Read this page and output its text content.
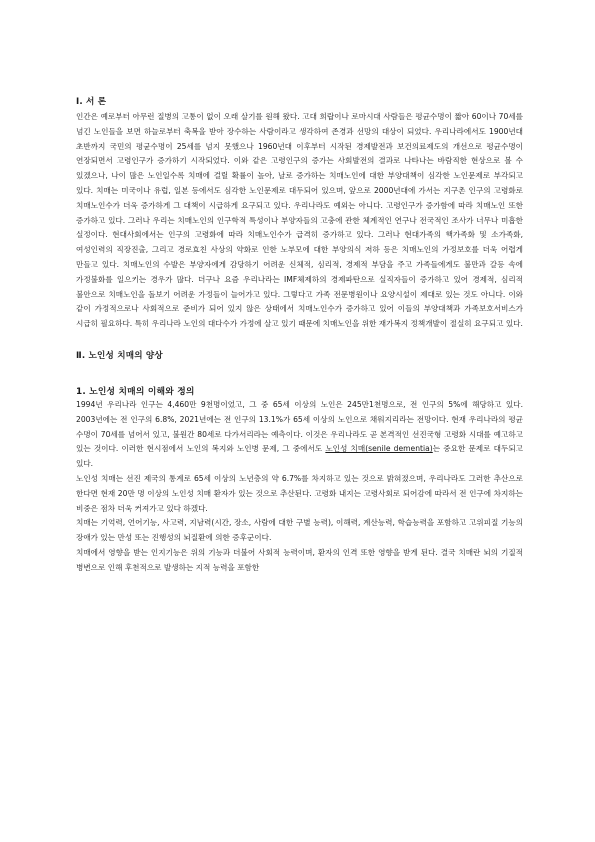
Ⅰ. 서 론

인간은 예로부터 아무런 질병의 고통이 없이 오래 살기를 원해 왔다. 고대 희랍이나 로마시대 사람들은 평균수명이 짧아 60이나 70세를 넘긴 노인들을 보면 하늘로부터 축복을 받아 장수하는 사람이라고 생각하여 존경과 선망의 대상이 되었다. 우리나라에서도 1900년대 초반까지 국민의 평균수명이 25세를 넘지 못했으나 1960년대 이후부터 시작된 경제발전과 보건의료제도의 개선으로 평균수명이 연장되면서 고령인구가 증가하기 시작되었다. 이와 같은 고령인구의 증가는 사회발전의 결과로 나타나는 바람직한 현상으로 볼 수 있겠으나, 나이 많은 노인일수록 치매에 걸릴 확률이 높아, 날로 증가하는 치매노인에 대한 부양대책이 심각한 노인문제로 부각되고 있다. 치매는 미국이나 유럽, 일본 등에서도 심각한 노인문제로 대두되어 있으며, 앞으로 2000년대에 가서는 지구촌 인구의 고령화로 치매노인수가 더욱 증가하게 그 대책이 시급하게 요구되고 있다. 우리나라도 예외는 아니다. 고령인구가 증가함에 따라 치매노인 또한 증가하고 있다. 그러나 우리는 치매노인의 인구학적 특성이나 부양자들의 고충에 관한 체계적인 연구나 전국적인 조사가 너무나 미흡한 실정이다. 현대사회에서는 인구의 고령화에 따라 치매노인수가 급격히 증가하고 있다. 그러나 현대가족의 핵가족화 및 소가족화, 여성인력의 직장진출, 그리고 경로효친 사상의 약화로 인한 노부모에 대한 부양의식 저하 등은 치매노인의 가정보호를 더욱 어렵게 만들고 있다. 치매노인의 수발은 부양자에게 감당하기 어려운 신체적, 심리적, 경제적 부담을 주고 가족들에게도 불만과 갈등 속에 가정불화를 일으키는 경우가 많다. 더구나 요즘 우리나라는 IMF체제하의 경제파탄으로 실직자들이 증가하고 있어 경제적, 심리적 불안으로 치매노인을 돌보기 어려운 가정들이 늘어가고 있다. 그렇다고 가족 전문병원이나 요양시설이 제대로 있는 것도 아니다. 이와 같이 가정적으로나 사회적으로 준비가 되어 있지 않은 상태에서 치매노인수가 증가하고 있어 이들의 부양대책과 가족보호서비스가 시급히 필요하다. 특히 우리나라 노인의 대다수가 가정에 살고 있기 때문에 치매노인을 위한 재가복지 정책개발이 절실히 요구되고 있다.

Ⅱ. 노인성 치매의 양상
1. 노인성 치매의 이해와 정의

1994년 우리나라 인구는 4,460만 9천명이었고, 그 중 65세 이상의 노인은 245만1천명으로, 전 인구의 5%에 해당하고 있다. 2003년에는 전 인구의 6.8%, 2021년에는 전 인구의 13.1%가 65세 이상의 노인으로 채워지리라는 전망이다. 현재 우리나라의 평균 수명이 70세를 넘어서 있고, 불원간 80세로 다가서리라는 예측이다. 이것은 우리나라도 곧 본격적인 선진국형 고령화 시대를 예고하고 있는 것이다. 이러한 현시점에서 노인의 복지와 노인병 문제, 그 중에서도 노인성 치매(senile dementia)는 중요한 문제로 대두되고 있다.

노인성 치매는 선진 제국의 통계로 65세 이상의 노년층의 약 6.7%를 차지하고 있는 것으로 밝혀졌으며, 우리나라도 그러한 추산으로 한다면 현재 20만 명 이상의 노인성 치매 환자가 있는 것으로 추산된다. 고령화 내지는 고령사회로 되어감에 따라서 전 인구에 차지하는 비중은 점차 더욱 커져가고 있다 하겠다.

치매는 기억력, 언어기능, 사고력, 지남력(시간, 장소, 사람에 대한 구별 능력), 이해력, 계산능력, 학습능력을 포함하고 고위피질 기능의 장애가 있는 만성 또는 진행성의 뇌질환에 의한 증후군이다.

치매에서 영향을 받는 인지기능은 위의 기능과 더불어 사회적 능력이며, 환자의 인격 또한 영향을 받게 된다. 결국 치매란 뇌의 기질적 병변으로 인해 후천적으로 발생하는 지적 능력을 포함한
